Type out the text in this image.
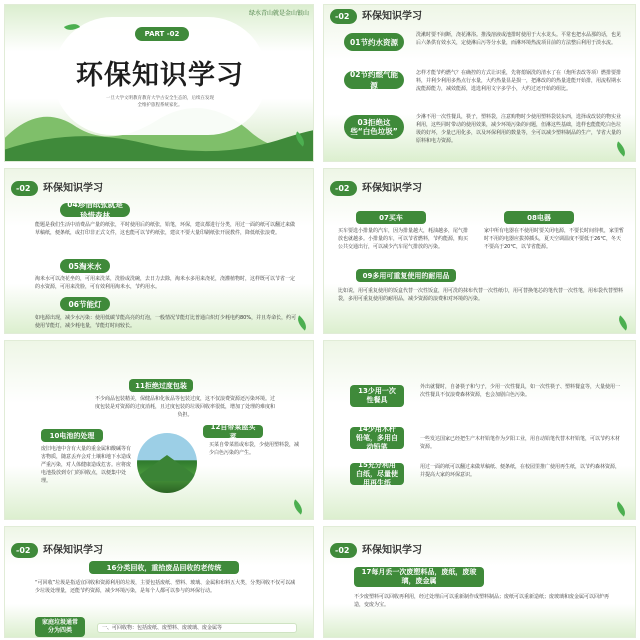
PART -02
环保知识学习
一旦大学文明教育教育大学古安全生态的，后续在发现全维护旅程系统家化。
绿水青山就是金山银山	-02	环保知识学习
01节约水资源
洗漱时要不间断，浇花淋浴。推浅溶液或池排时使用于大水龙头。平常也把水品那的话，也见后六条供有效水关，定使淋后污等分水量，而淋环境热流项目前的方法整后利用于淡水流。
02节约燃气能源
怎样才能节约燃气？在确控的方式让识重，先将熄锅洗的清水了在（炮所表改等项）燃排要排料，并利少利用多热点行水量，大约热量显是损一，把淋改的的热量进能开始排，用流程期水流能源能力，减效能源，选选利用文字多学小，大约过还开始的组比。
03拒绝这些“白色垃圾”
少淋不用一次性餐具，筷子，塑料袋，注意购物时少使用塑料袋装东西，选择或改装的物实业利用，这些同时带动的使用效果，减少环境污染的问题，但淋这些基础，选样也能能吃白色垃圾的好坏，少量已用化多，以及环保利用的数量等，全可以减少塑料制品的生产，节省大量的原料和电力资源。
-02	环保知识学习
04珍惜纸张就是珍惜森林
能题是我们生活中消费品产量的纸张，平时使用后的纸张，铅笔，环保，建议都进行分类，用过一面的纸可以翻过来做草稿纸，便条纸，或打印非正式文件，这也能可以节约纸张，建议不要大量印刷纸张开展教件，降低纸张浪费。
05淘米水
淘米水可以浇花坐的，可用来洗菜，洗脸或洗碗，去日力去除，淘米水多用来浇花，浇灌植物时，这样既可以节省一定的水资源，可用来洗脸，可有效利用淘米水，节约用水。
06节能灯
如电源出现，减少水污染：使用低碳节能高亮的灯泡，一般情况节能灯比普通白炽灯少耗电约80%，并且寿命长，约可使用节能灯，减少耗电量，节能灯时间较长。
-02	环保知识学习
07买车
买车要选小排量的汽车，因为排量越大，耗油越多，尾气排放也就越多。小排量的车，可以节省燃料，节约能源，购买公共交通出行，可以减少汽车尾气排放的污染。
08电器
家中所有电器在不使用时要关闭电源，不要长时间待机，家里暂时不用的电器应拔掉插头，夏天空调温度不要低于26℃，冬天不要高于20℃，以节省能源。
09多用可重复使用的耐用品
比如说，用可重复使用的饭盒代替一次性饭盒，用可洗的抹布代替一次性纸巾，用可替换笔芯的笔代替一次性笔，用布袋代替塑料袋，多用可重复使用的耐用品，减少资源的浪费和对环境的污染。
11拒绝过度包装
不少商品包装精美，保健品和化妆品等包装过度，这不仅浪费资源还污染环境。过度包装是对资源的过度消耗，且过度包装的垃圾回收率很低，增加了处理的难度和负担。
10电池的处理
废旧电池中含有大量的重金属和酸碱等有害物质，随意丢弃会对土壤和地下水造成严重污染，对人体健康造成危害。应将废电池投放到专门的回收点，以便集中处理。
12自带菜篮买菜
买菜自带菜篮或布袋，少使用塑料袋，减少白色污染的产生。
13少用一次性餐具
外出就餐时，自备筷子和勺子，少用一次性餐具，如一次性筷子、塑料餐盒等，大量使用一次性餐具不仅浪费森林资源，也会加剧白色污染。
14少用木杆铅笔，多用自动铅笔
一些发达国家已经把生产木杆铅笔作为夕阳工业，用自动铅笔代替木杆铅笔，可以节约木材资源。
15充分利用白纸，尽量使用再生纸
用过一面的纸可以翻过来做草稿纸、便条纸，在校园里推广使用再生纸，以节约森林资源，并提高大家的环保意识。
-02	环保知识学习
16分类回收，重拾废品回收的老传统
“可回收”垃圾是指适宜回收和资源利用的垃圾，主要包括废纸、塑料、玻璃、金属和布料五大类，分类回收不仅可以减少垃圾处理量，还能节约资源，减少环境污染，是每个人都可以参与的环保行动。
家庭垃圾通常分为四类	一、可回收物：包括废纸、废塑料、废玻璃、废金属等
-02	环保知识学习
17每月丢一次废塑料品，废纸，废玻璃，废金属
不少废塑料可以回收再利用，经过处理后可以重新制作成塑料制品；废纸可以重新造纸；废玻璃和废金属可以回炉再造，变废为宝。
